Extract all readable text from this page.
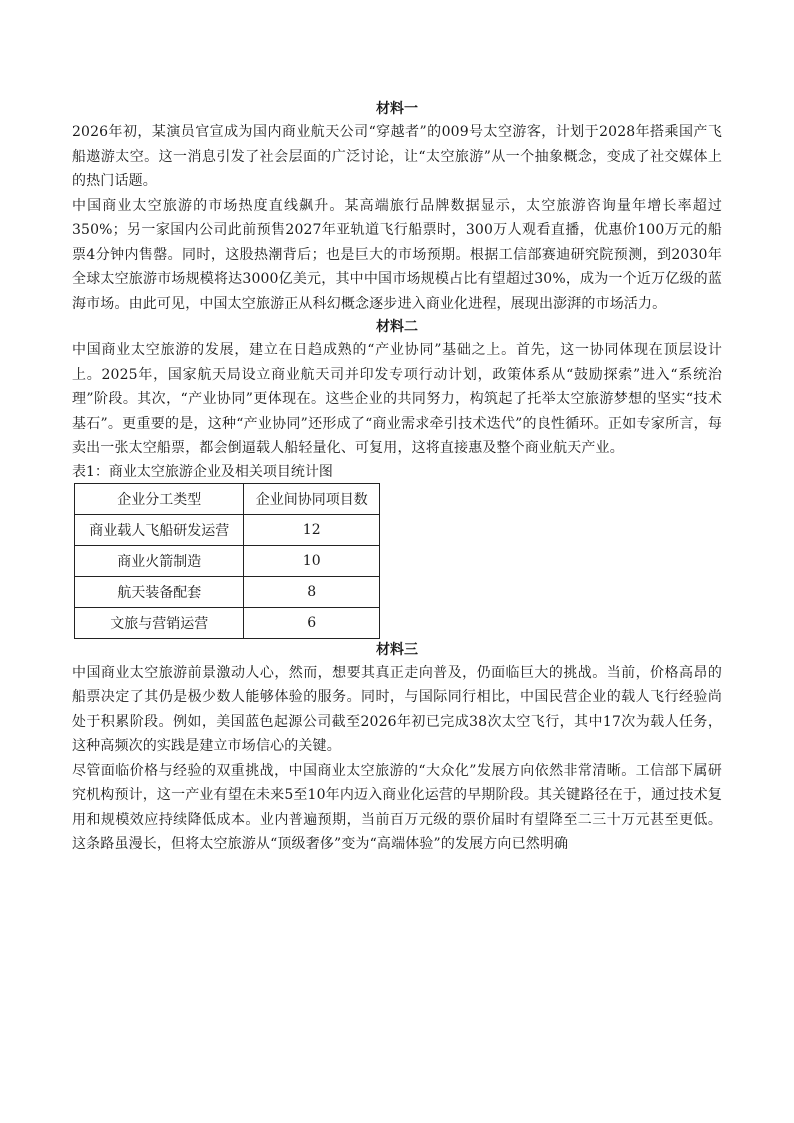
材料一

2026年初，某演员官宣成为国内商业航天公司“穿越者”的009号太空游客，计划于2028年搭乘国产飞船遨游太空。这一消息引发了社会层面的广泛讨论，让“太空旅游”从一个抽象概念，变成了社交媒体上的热门话题。

中国商业太空旅游的市场热度直线飙升。某高端旅行品牌数据显示，太空旅游咨询量年增长率超过350%；另一家国内公司此前预售2027年亚轨道飞行船票时，300万人观看直播，优惠价100万元的船票4分钟内售罄。同时，这股热潮背后；也是巨大的市场预期。根据工信部赛迪研究院预测，到2030年全球太空旅游市场规模将达3000亿美元，其中中国市场规模占比有望超过30%，成为一个近万亿级的蓝海市场。由此可见，中国太空旅游正从科幻概念逐步进入商业化进程，展现出澎湃的市场活力。

材料二

中国商业太空旅游的发展，建立在日趋成熟的“产业协同”基础之上。首先，这一协同体现在顶层设计上。2025年，国家航天局设立商业航天司并印发专项行动计划，政策体系从“鼓励探索”进入“系统治理”阶段。其次，“产业协同”更体现在。这些企业的共同努力，构筑起了托举太空旅游梦想的坚实“技术基石”。更重要的是，这种“产业协同”还形成了“商业需求牵引技术迭代”的良性循环。正如专家所言，每卖出一张太空船票，都会倒逼载人船轻量化、可复用，这将直接惠及整个商业航天产业。

表1：商业太空旅游企业及相关项目统计图

企业分工类型	企业间协同项目数
商业载人飞船研发运营	12
商业火箭制造	10
航天装备配套	8
文旅与营销运营	6
材料三

中国商业太空旅游前景激动人心，然而，想要其真正走向普及，仍面临巨大的挑战。当前，价格高昂的船票决定了其仍是极少数人能够体验的服务。同时，与国际同行相比，中国民营企业的载人飞行经验尚处于积累阶段。例如，美国蓝色起源公司截至2026年初已完成38次太空飞行，其中17次为载人任务，这种高频次的实践是建立市场信心的关键。

尽管面临价格与经验的双重挑战，中国商业太空旅游的“大众化”发展方向依然非常清晰。工信部下属研究机构预计，这一产业有望在未来5至10年内迈入商业化运营的早期阶段。其关键路径在于，通过技术复用和规模效应持续降低成本。业内普遍预期，当前百万元级的票价届时有望降至二三十万元甚至更低。这条路虽漫长，但将太空旅游从“顶级奢侈”变为“高端体验”的发展方向已然明确
